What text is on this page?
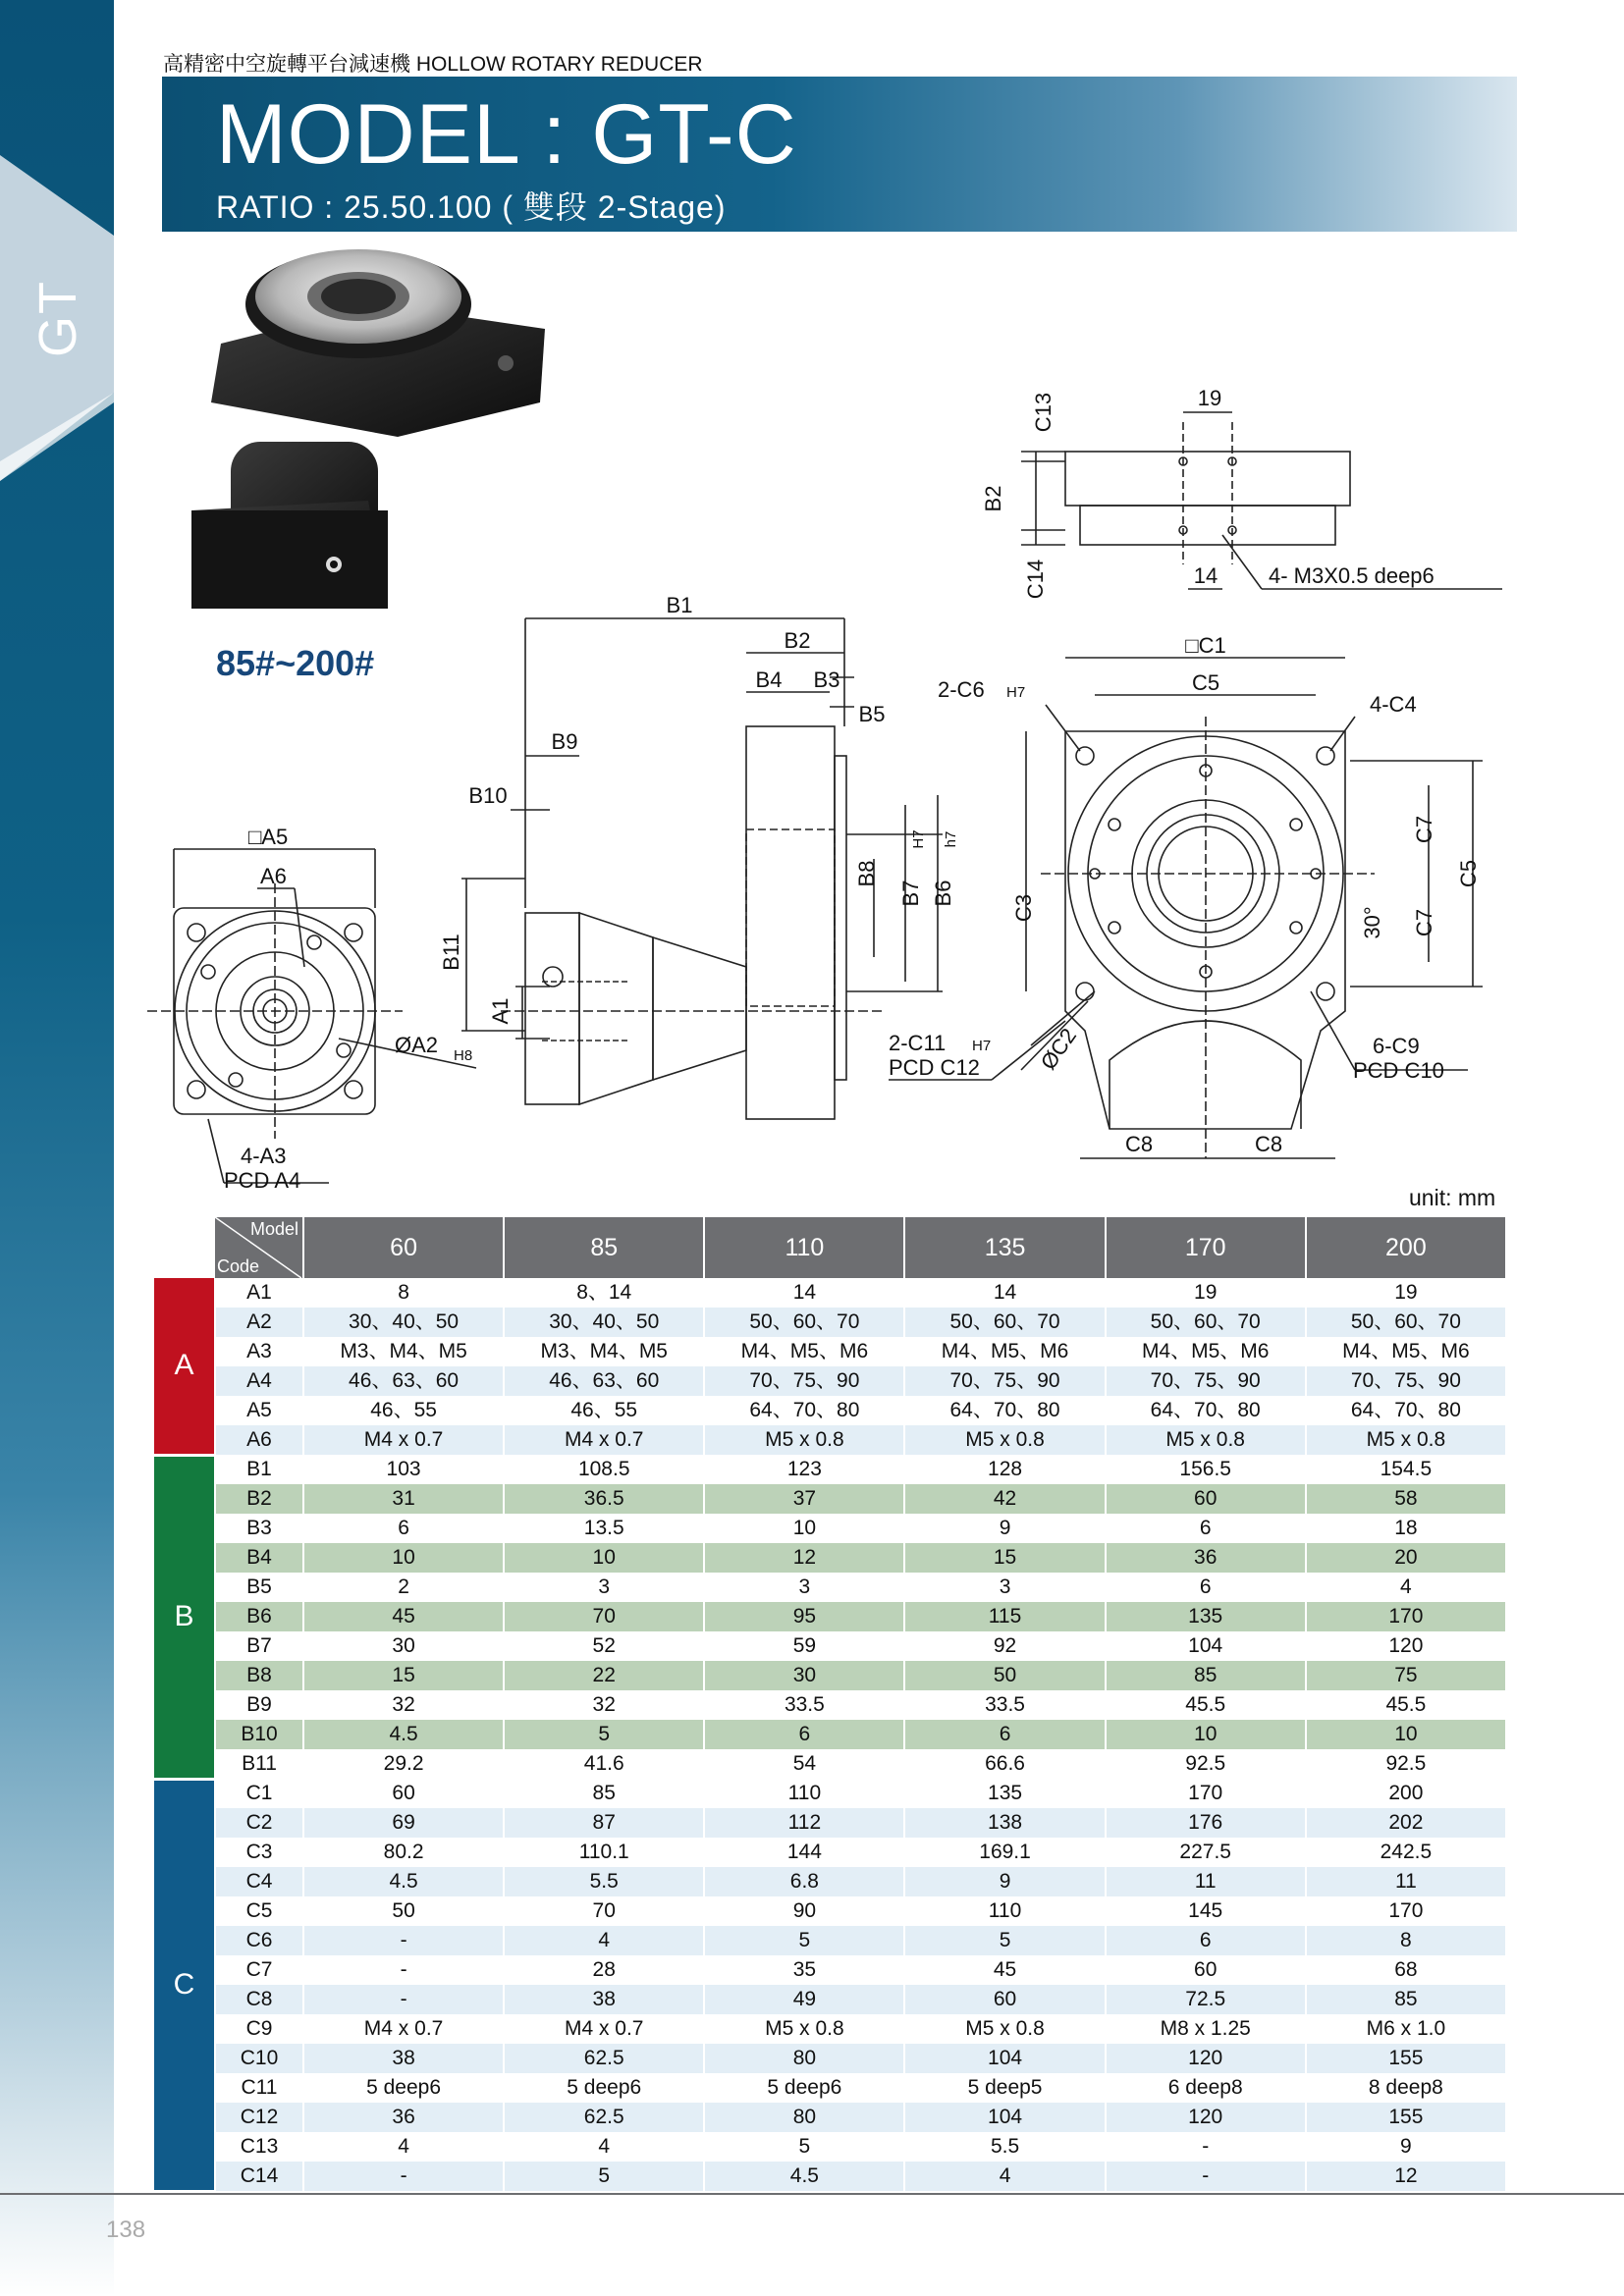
GT
高精密中空旋轉平台減速機 HOLLOW ROTARY REDUCER
MODEL : GT-C
RATIO : 25.50.100 ( 雙段 2-Stage)
85#~200#
19
C13
B2
C14	14 4- M3X0.5 deep6
□A5
A6
ØA2 H8
4-A3
PCD A4
B1
B2
B4 B3
B5
B9
B10
B11
A1
B8
B7 B6
H7 h7
□C1
C5
2-C6 H7	4-C4
C7
C7
C5
C3	30°
ØC2
2-C11 H7
PCD C12
6-C9
PCD C10
C8	C8
unit: mm

	Model
Code	60	85	110	135	170	200
A	A1	8	8、14	14	14	19	19
	A2	30、40、50	30、40、50	50、60、70	50、60、70	50、60、70	50、60、70
	A3	M3、M4、M5	M3、M4、M5	M4、M5、M6	M4、M5、M6	M4、M5、M6	M4、M5、M6
	A4	46、63、60	46、63、60	70、75、90	70、75、90	70、75、90	70、75、90
	A5	46、55	46、55	64、70、80	64、70、80	64、70、80	64、70、80
	A6	M4 x 0.7	M4 x 0.7	M5 x 0.8	M5 x 0.8	M5 x 0.8	M5 x 0.8
B	B1	103	108.5	123	128	156.5	154.5
	B2	31	36.5	37	42	60	58
	B3	6	13.5	10	9	6	18
	B4	10	10	12	15	36	20
	B5	2	3	3	3	6	4
	B6	45	70	95	115	135	170
	B7	30	52	59	92	104	120
	B8	15	22	30	50	85	75
	B9	32	32	33.5	33.5	45.5	45.5
	B10	4.5	5	6	6	10	10
	B11	29.2	41.6	54	66.6	92.5	92.5
C	C1	60	85	110	135	170	200
	C2	69	87	112	138	176	202
	C3	80.2	110.1	144	169.1	227.5	242.5
	C4	4.5	5.5	6.8	9	11	11
	C5	50	70	90	110	145	170
	C6	-	4	5	5	6	8
	C7	-	28	35	45	60	68
	C8	-	38	49	60	72.5	85
	C9	M4 x 0.7	M4 x 0.7	M5 x 0.8	M5 x 0.8	M8 x 1.25	M6 x 1.0
	C10	38	62.5	80	104	120	155
	C11	5 deep6	5 deep6	5 deep6	5 deep5	6 deep8	8 deep8
	C12	36	62.5	80	104	120	155
	C13	4	4	5	5.5	-	9
	C14	-	5	4.5	4	-	12
138
